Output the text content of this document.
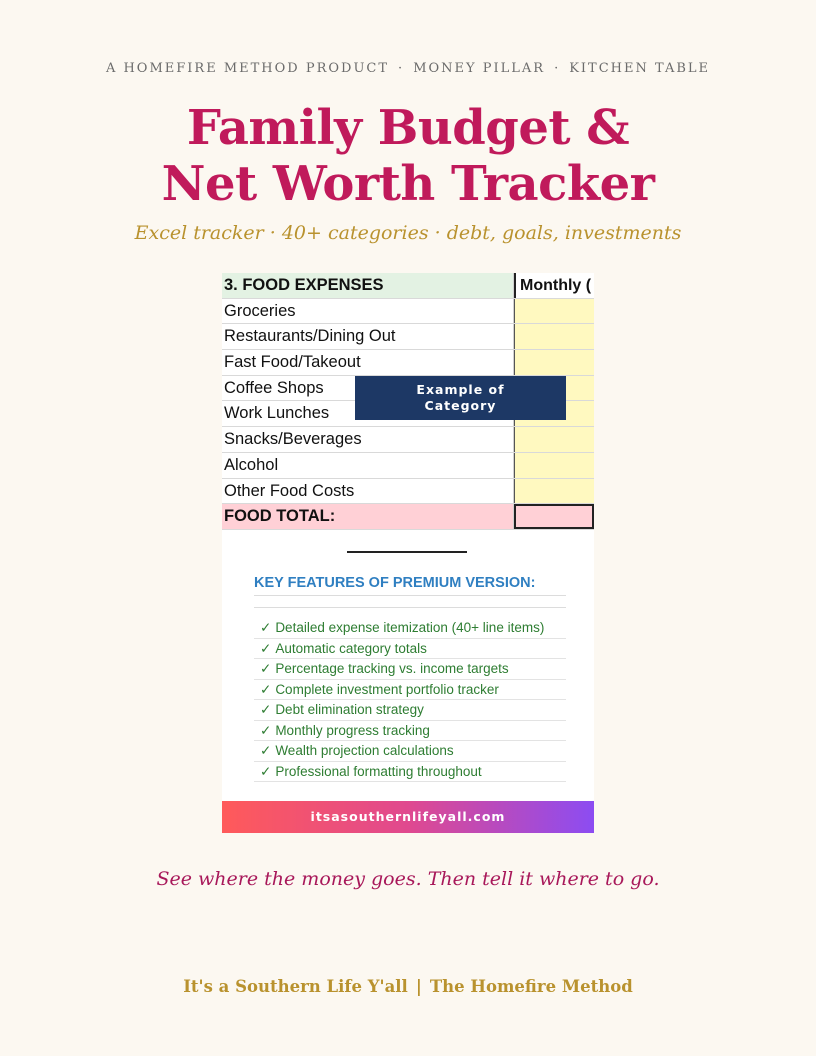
A HOMEFIRE METHOD PRODUCT · MONEY PILLAR · KITCHEN TABLE
Family Budget &
Net Worth Tracker
Excel tracker · 40+ categories · debt, goals, investments
3. FOOD EXPENSES	Monthly (
Groceries
Restaurants/Dining Out
Fast Food/Takeout
Coffee Shops
Work Lunches
Snacks/Beverages
Alcohol
Other Food Costs
FOOD TOTAL:
Example of
Category
KEY FEATURES OF PREMIUM VERSION:
✓ Detailed expense itemization (40+ line items)
✓ Automatic category totals
✓ Percentage tracking vs. income targets
✓ Complete investment portfolio tracker
✓ Debt elimination strategy
✓ Monthly progress tracking
✓ Wealth projection calculations
✓ Professional formatting throughout
itsasouthernlifeyall.com
See where the money goes. Then tell it where to go.
It's a Southern Life Y'all | The Homefire Method
